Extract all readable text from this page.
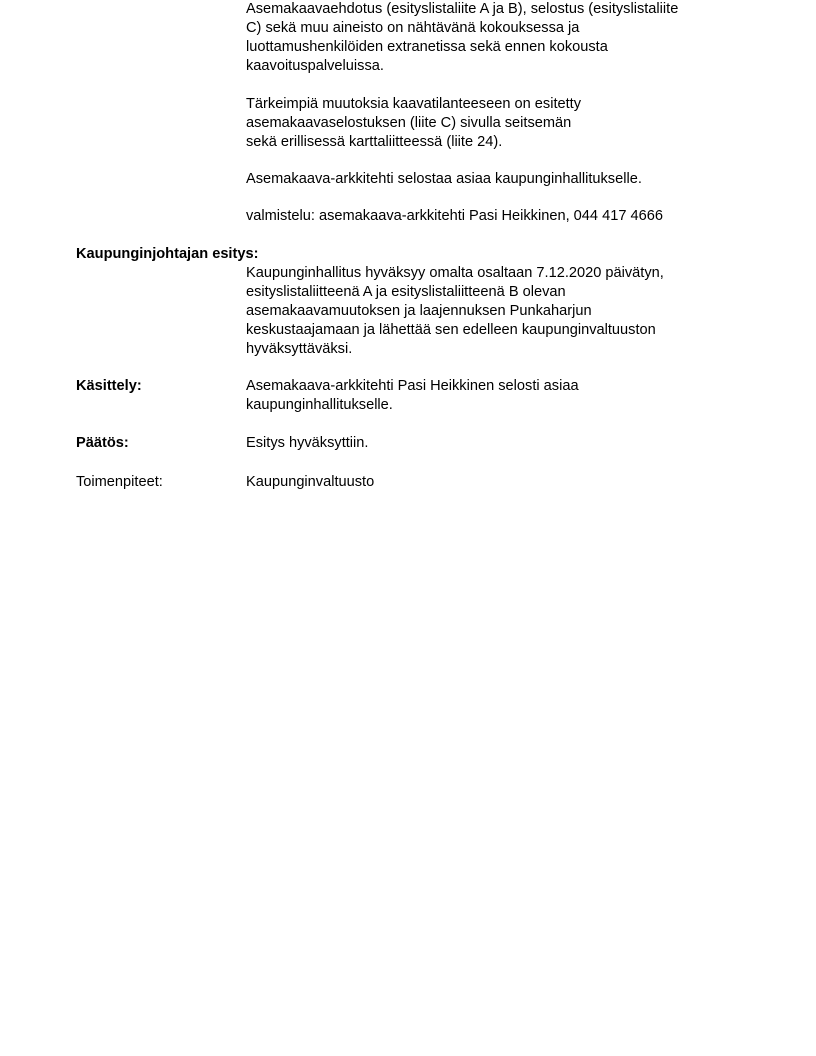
Asemakaavaehdotus (esityslistaliite A ja B), selostus (esityslistaliite
C) sekä muu aineisto on nähtävänä kokouksessa ja
luottamushenkilöiden extranetissa sekä ennen kokousta
kaavoituspalveluissa.
Tärkeimpiä muutoksia kaavatilanteeseen on esitetty
asemakaavaselostuksen (liite C) sivulla seitsemän
sekä erillisessä karttaliitteessä (liite 24).
Asemakaava-arkkitehti selostaa asiaa kaupunginhallitukselle.
valmistelu: asemakaava-arkkitehti Pasi Heikkinen, 044 417 4666
Kaupunginjohtajan esitys:
Kaupunginhallitus hyväksyy omalta osaltaan 7.12.2020 päivätyn,
esityslistaliitteenä A ja esityslistaliitteenä B olevan
asemakaavamuutoksen ja laajennuksen Punkaharjun
keskustaajamaan ja lähettää sen edelleen kaupunginvaltuuston
hyväksyttäväksi.
Käsittely:	Asemakaava-arkkitehti Pasi Heikkinen selosti asiaa
kaupunginhallitukselle.
Päätös:	Esitys hyväksyttiin.
Toimenpiteet:	Kaupunginvaltuusto
